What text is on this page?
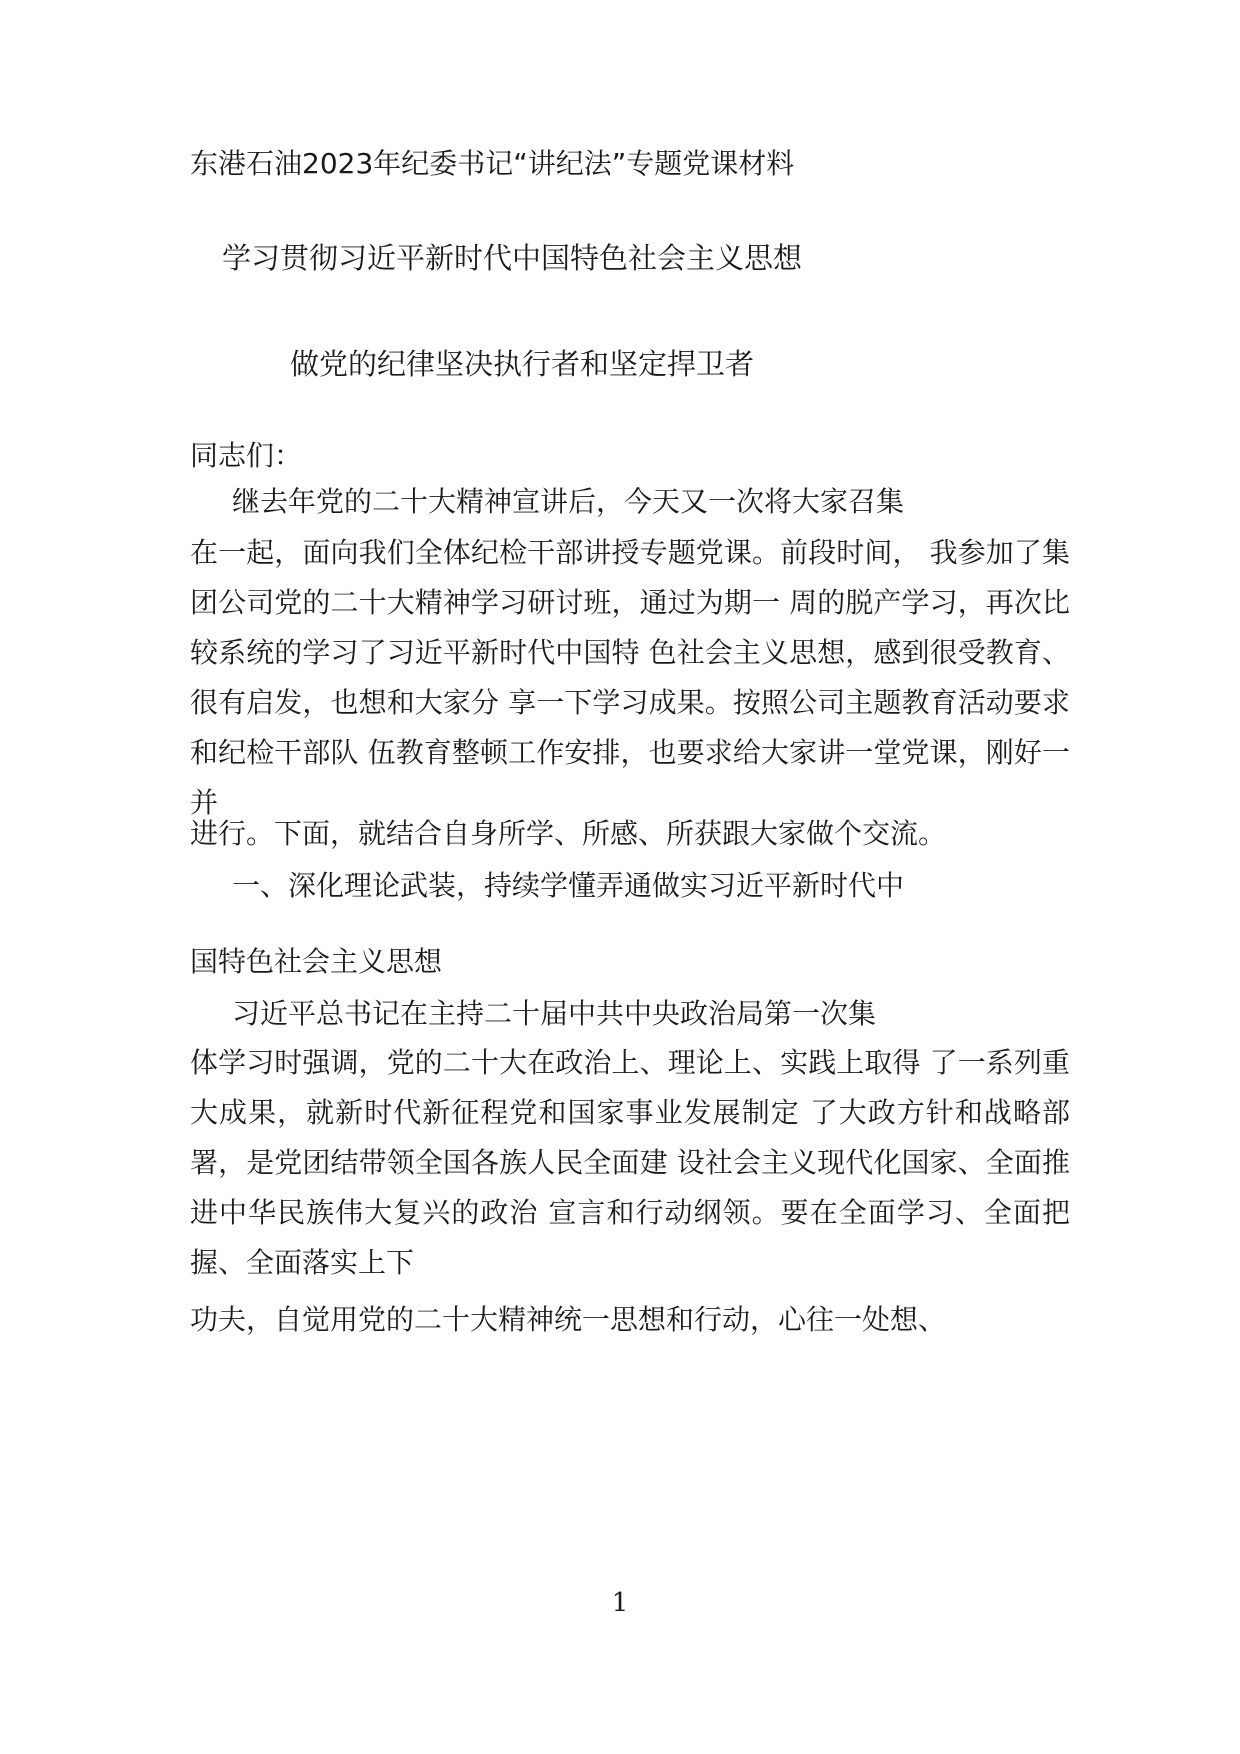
东港石油2023年纪委书记“讲纪法”专题党课材料

学习贯彻习近平新时代中国特色社会主义思想

做党的纪律坚决执行者和坚定捍卫者

同志们：

继去年党的二十大精神宣讲后，今天又一次将大家召集

在一起，面向我们全体纪检干部讲授专题党课。前段时间， 我参加了集团公司党的二十大精神学习研讨班，通过为期一 周的脱产学习，再次比较系统的学习了习近平新时代中国特 色社会主义思想，感到很受教育、很有启发，也想和大家分 享一下学习成果。按照公司主题教育活动要求和纪检干部队 伍教育整顿工作安排，也要求给大家讲一堂党课，刚好一并

进行。下面，就结合自身所学、所感、所获跟大家做个交流。

一、深化理论武装，持续学懂弄通做实习近平新时代中

国特色社会主义思想

习近平总书记在主持二十届中共中央政治局第一次集

体学习时强调，党的二十大在政治上、理论上、实践上取得 了一系列重大成果，就新时代新征程党和国家事业发展制定 了大政方针和战略部署，是党团结带领全国各族人民全面建 设社会主义现代化国家、全面推进中华民族伟大复兴的政治 宣言和行动纲领。要在全面学习、全面把握、全面落实上下

功夫，自觉用党的二十大精神统一思想和行动，心往一处想、

1
